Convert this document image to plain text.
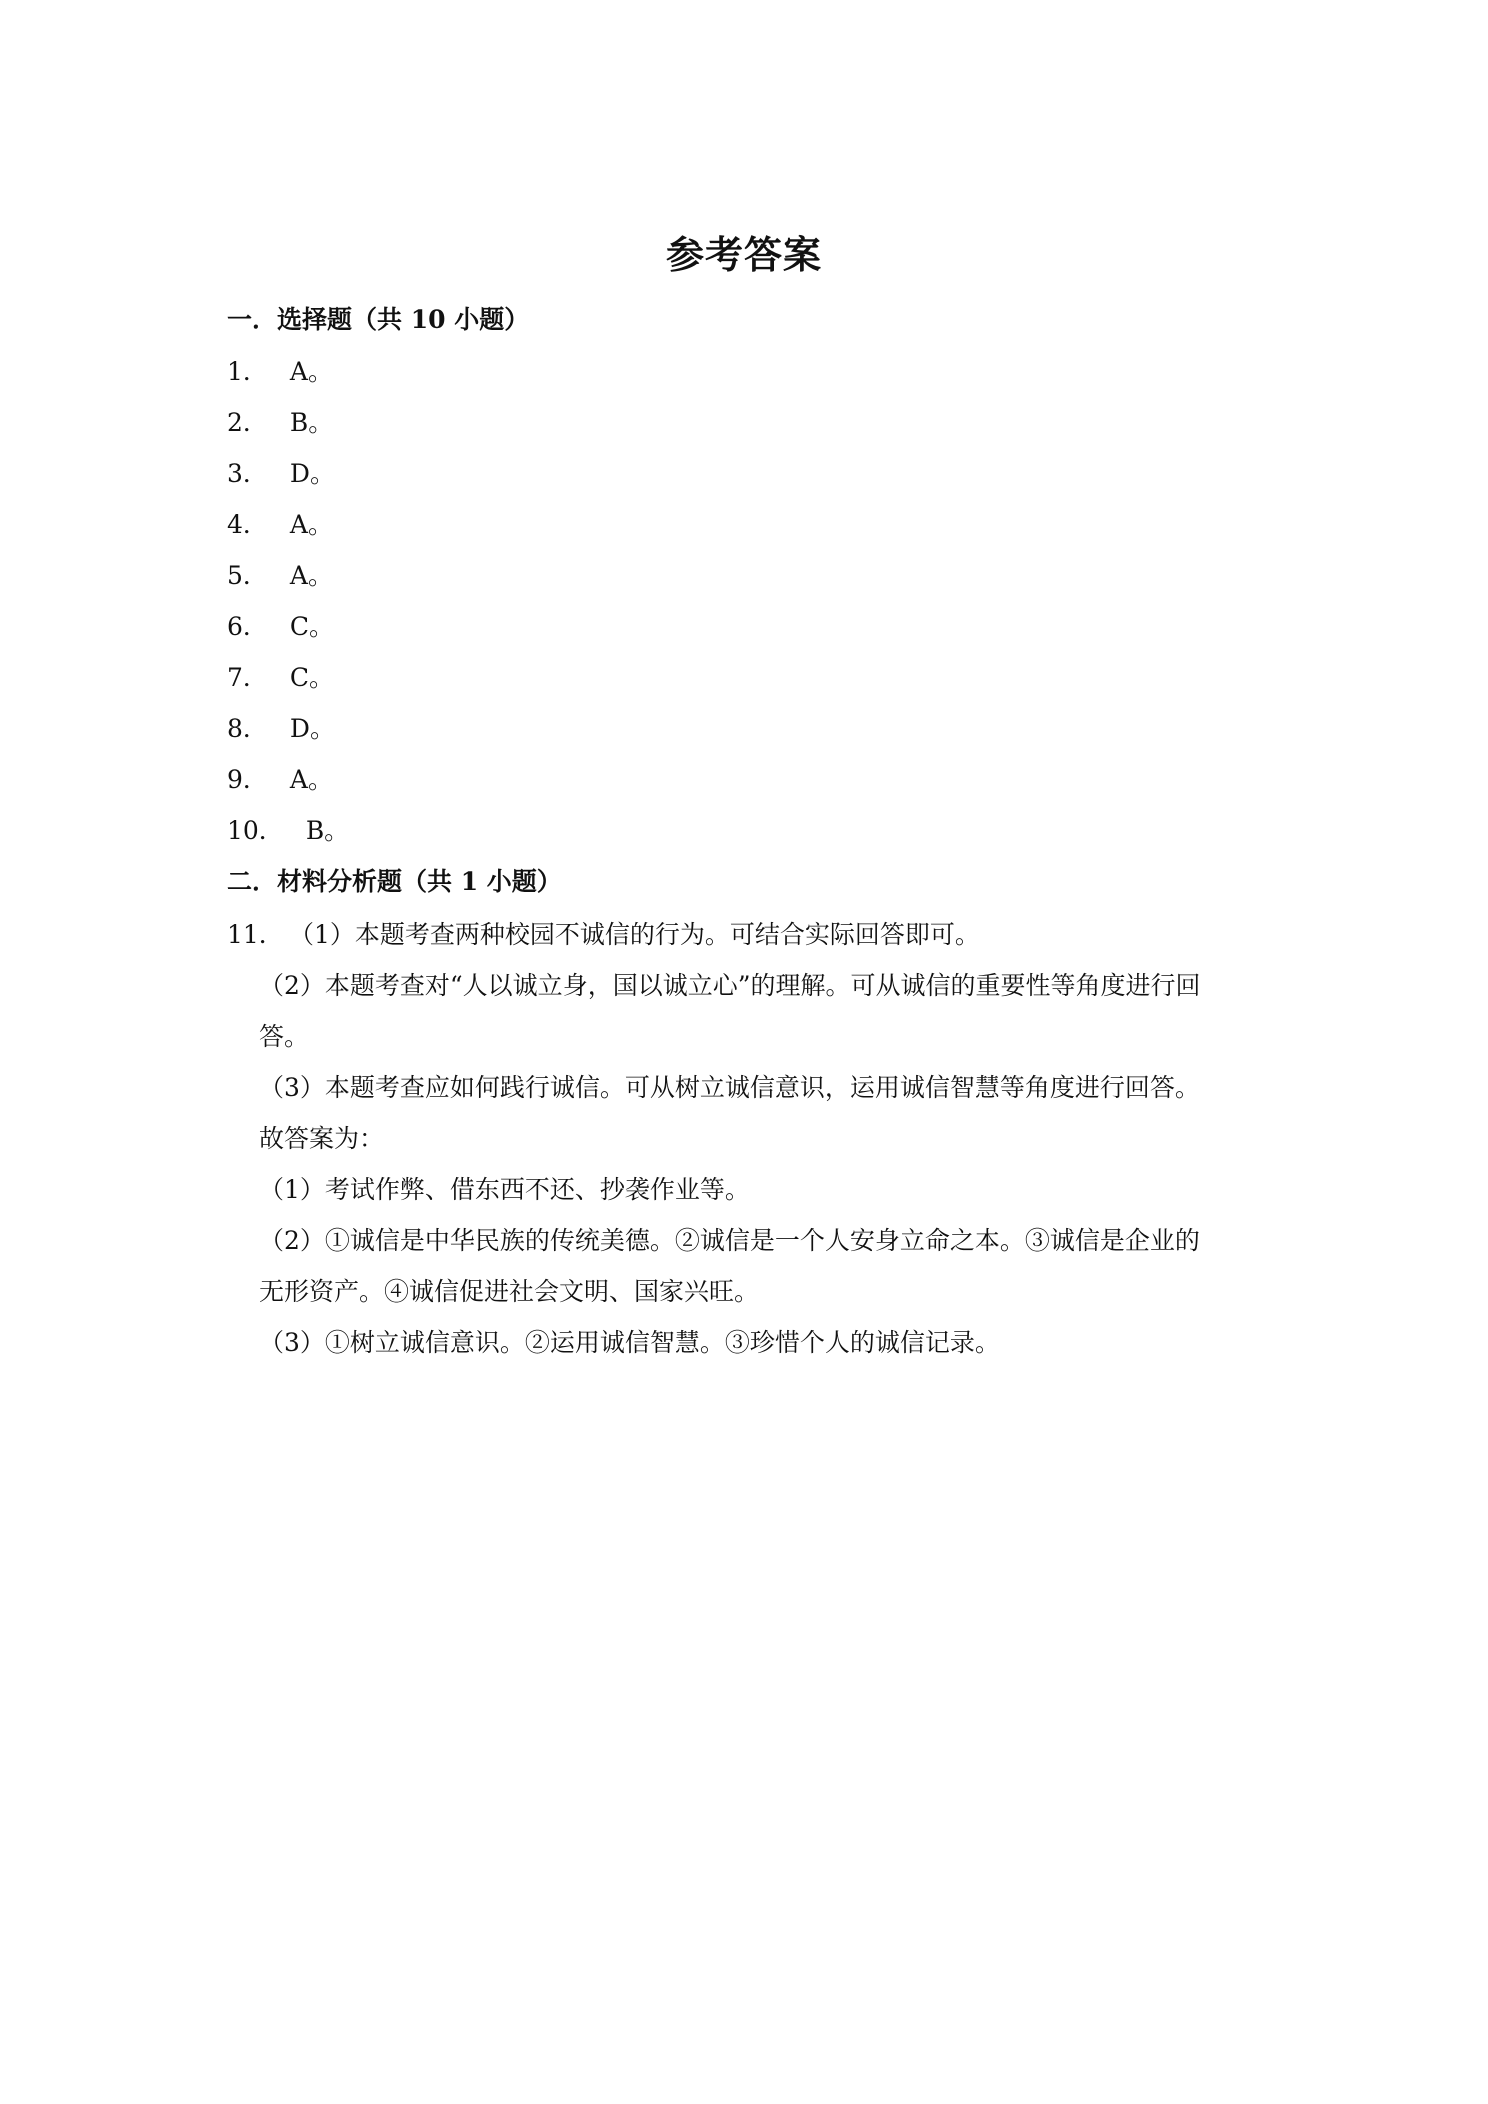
参考答案
一．选择题（共 10 小题）
1． A。
2． B。
3． D。
4． A。
5． A。
6． C。
7． C。
8． D。
9． A。
10． B。
二．材料分析题（共 1 小题）
11． （1）本题考查两种校园不诚信的行为。可结合实际回答即可。
（2）本题考查对“人以诚立身，国以诚立心”的理解。可从诚信的重要性等角度进行回
答。
（3）本题考查应如何践行诚信。可从树立诚信意识，运用诚信智慧等角度进行回答。
故答案为：
（1）考试作弊、借东西不还、抄袭作业等。
（2）①诚信是中华民族的传统美德。②诚信是一个人安身立命之本。③诚信是企业的
无形资产。④诚信促进社会文明、国家兴旺。
（3）①树立诚信意识。②运用诚信智慧。③珍惜个人的诚信记录。
